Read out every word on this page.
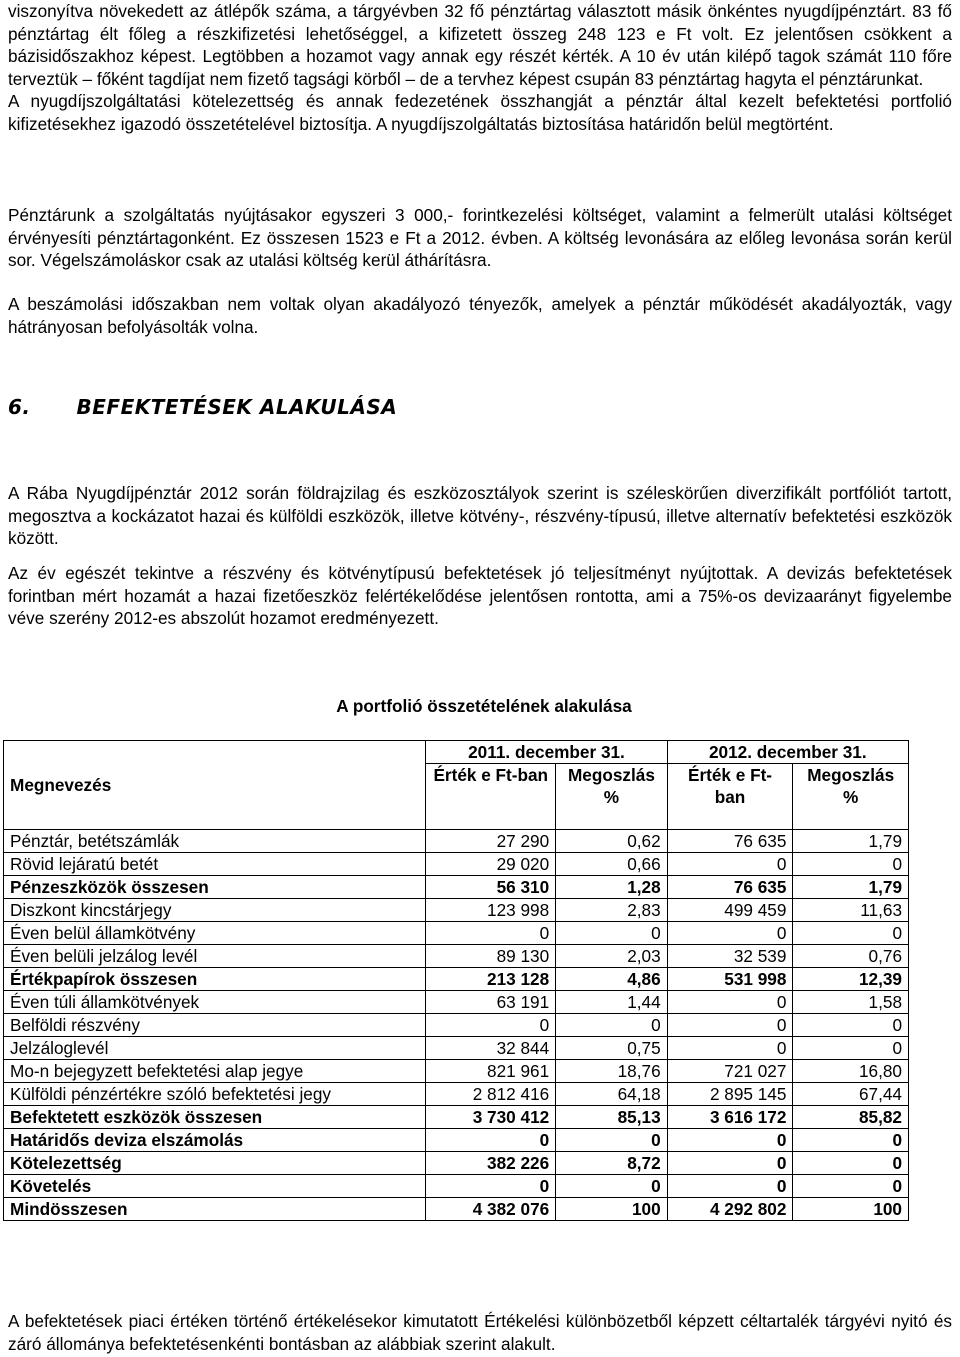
viszonyítva növekedett az átlépők száma, a tárgyévben 32 fő pénztártag választott másik önkéntes nyugdíjpénztárt. 83 fő pénztártag élt főleg a részkifizetési lehetőséggel, a kifizetett összeg 248 123 e Ft volt. Ez jelentősen csökkent a bázisidőszakhoz képest. Legtöbben a hozamot vagy annak egy részét kérték. A 10 év után kilépő tagok számát 110 főre terveztük – főként tagdíjat nem fizető tagsági körből – de a tervhez képest csupán 83 pénztártag hagyta el pénztárunkat.

A nyugdíjszolgáltatási kötelezettség és annak fedezetének összhangját a pénztár által kezelt befektetési portfolió kifizetésekhez igazodó összetételével biztosítja. A nyugdíjszolgáltatás biztosítása határidőn belül megtörtént.

Pénztárunk a szolgáltatás nyújtásakor egyszeri 3 000,- forintkezelési költséget, valamint a felmerült utalási költséget érvényesíti pénztártagonként. Ez összesen 1523 e Ft a 2012. évben. A költség levonására az előleg levonása során kerül sor. Végelszámoláskor csak az utalási költség kerül áthárításra.

A beszámolási időszakban nem voltak olyan akadályozó tényezők, amelyek a pénztár működését akadályozták, vagy hátrányosan befolyásolták volna.

6. BEFEKTETÉSEK ALAKULÁSA

A Rába Nyugdíjpénztár 2012 során földrajzilag és eszközosztályok szerint is széleskörűen diverzifikált portfóliót tartott, megosztva a kockázatot hazai és külföldi eszközök, illetve kötvény-, részvény-típusú, illetve alternatív befektetési eszközök között.

Az év egészét tekintve a részvény és kötvénytípusú befektetések jó teljesítményt nyújtottak. A devizás befektetések forintban mért hozamát a hazai fizetőeszköz felértékelődése jelentősen rontotta, ami a 75%-os devizaarányt figyelembe véve szerény 2012-es abszolút hozamot eredményezett.

A portfolió összetételének alakulása
Megnevezés	2011. december 31.		2012. december 31.	
	Érték e Ft-ban	Megoszlás %	Érték e Ft-ban	Megoszlás %
Pénztár, betétszámlák	27 290	0,62	76 635	1,79
Rövid lejáratú betét	29 020	0,66	0	0
Pénzeszközök összesen	56 310	1,28	76 635	1,79
Diszkont kincstárjegy	123 998	2,83	499 459	11,63
Éven belül államkötvény	0	0	0	0
Éven belüli jelzálog levél	89 130	2,03	32 539	0,76
Értékpapírok összesen	213 128	4,86	531 998	12,39
Éven túli államkötvények	63 191	1,44	0	1,58
Belföldi részvény	0	0	0	0
Jelzáloglevél	32 844	0,75	0	0
Mo-n bejegyzett befektetési alap jegye	821 961	18,76	721 027	16,80
Külföldi pénzértékre szóló befektetési jegy	2 812 416	64,18	2 895 145	67,44
Befektetett eszközök összesen	3 730 412	85,13	3 616 172	85,82
Határidős deviza elszámolás	0	0	0	0
Kötelezettség	382 226	8,72	0	0
Követelés	0	0	0	0
Mindösszesen	4 382 076	100	4 292 802	100

A befektetések piaci értéken történő értékelésekor kimutatott Értékelési különbözetből képzett céltartalék tárgyévi nyitó és záró állománya befektetésenkénti bontásban az alábbiak szerint alakult.
